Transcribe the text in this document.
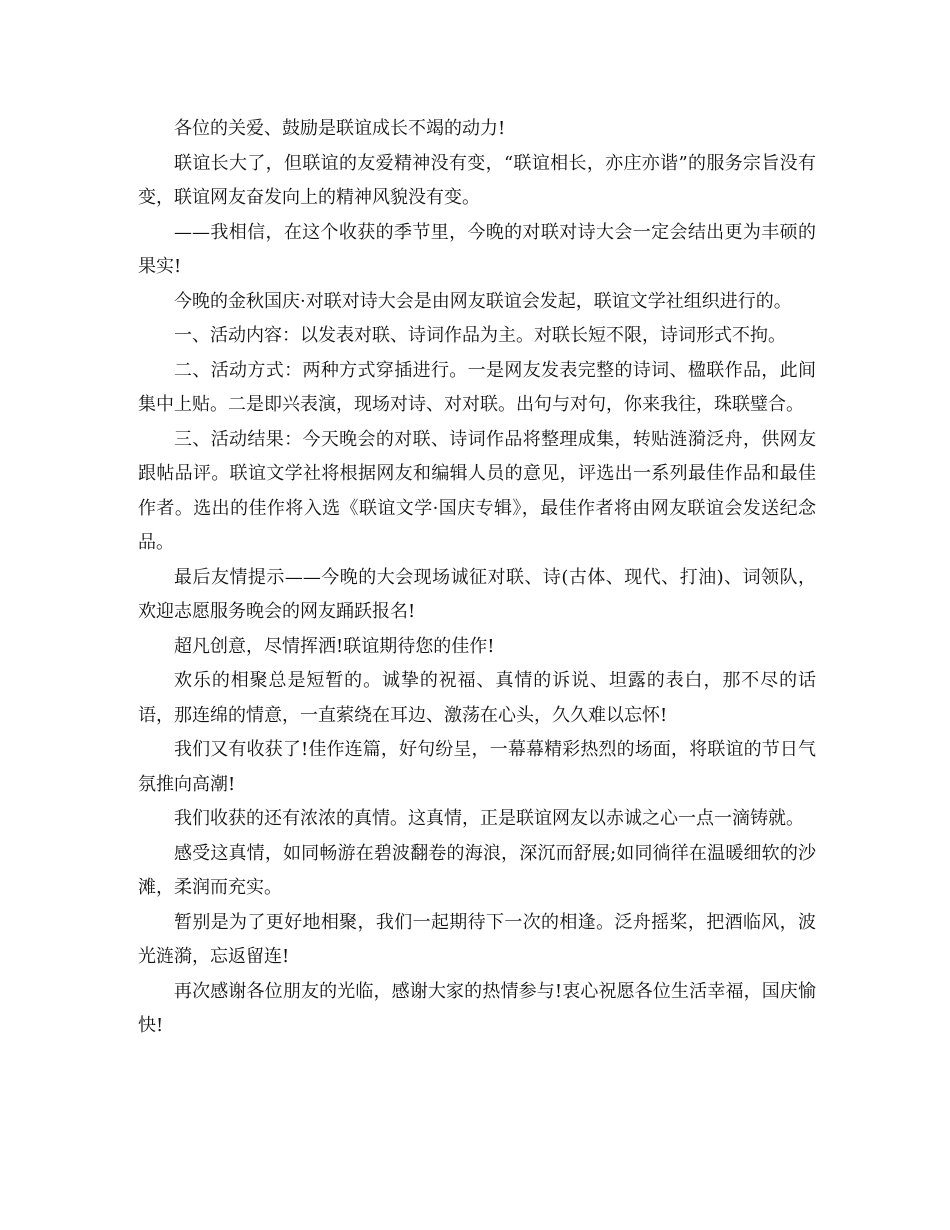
各位的关爱、鼓励是联谊成长不竭的动力!

联谊长大了，但联谊的友爱精神没有变，“联谊相长，亦庄亦谐”的服务宗旨没有变，联谊网友奋发向上的精神风貌没有变。

——我相信，在这个收获的季节里，今晚的对联对诗大会一定会结出更为丰硕的果实!

今晚的金秋国庆·对联对诗大会是由网友联谊会发起，联谊文学社组织进行的。

一、活动内容：以发表对联、诗词作品为主。对联长短不限，诗词形式不拘。

二、活动方式：两种方式穿插进行。一是网友发表完整的诗词、楹联作品，此间集中上贴。二是即兴表演，现场对诗、对对联。出句与对句，你来我往，珠联璧合。

三、活动结果：今天晚会的对联、诗词作品将整理成集，转贴涟漪泛舟，供网友跟帖品评。联谊文学社将根据网友和编辑人员的意见，评选出一系列最佳作品和最佳作者。选出的佳作将入选《联谊文学·国庆专辑》，最佳作者将由网友联谊会发送纪念品。

最后友情提示——今晚的大会现场诚征对联、诗(古体、现代、打油)、词领队，欢迎志愿服务晚会的网友踊跃报名!

超凡创意，尽情挥洒!联谊期待您的佳作!

欢乐的相聚总是短暂的。诚挚的祝福、真情的诉说、坦露的表白，那不尽的话语，那连绵的情意，一直萦绕在耳边、激荡在心头，久久难以忘怀!

我们又有收获了!佳作连篇，好句纷呈，一幕幕精彩热烈的场面，将联谊的节日气氛推向高潮!

我们收获的还有浓浓的真情。这真情，正是联谊网友以赤诚之心一点一滴铸就。

感受这真情，如同畅游在碧波翻卷的海浪，深沉而舒展;如同徜徉在温暖细软的沙滩，柔润而充实。

暂别是为了更好地相聚，我们一起期待下一次的相逢。泛舟摇桨，把酒临风，波光涟漪，忘返留连!

再次感谢各位朋友的光临，感谢大家的热情参与!衷心祝愿各位生活幸福，国庆愉快!
